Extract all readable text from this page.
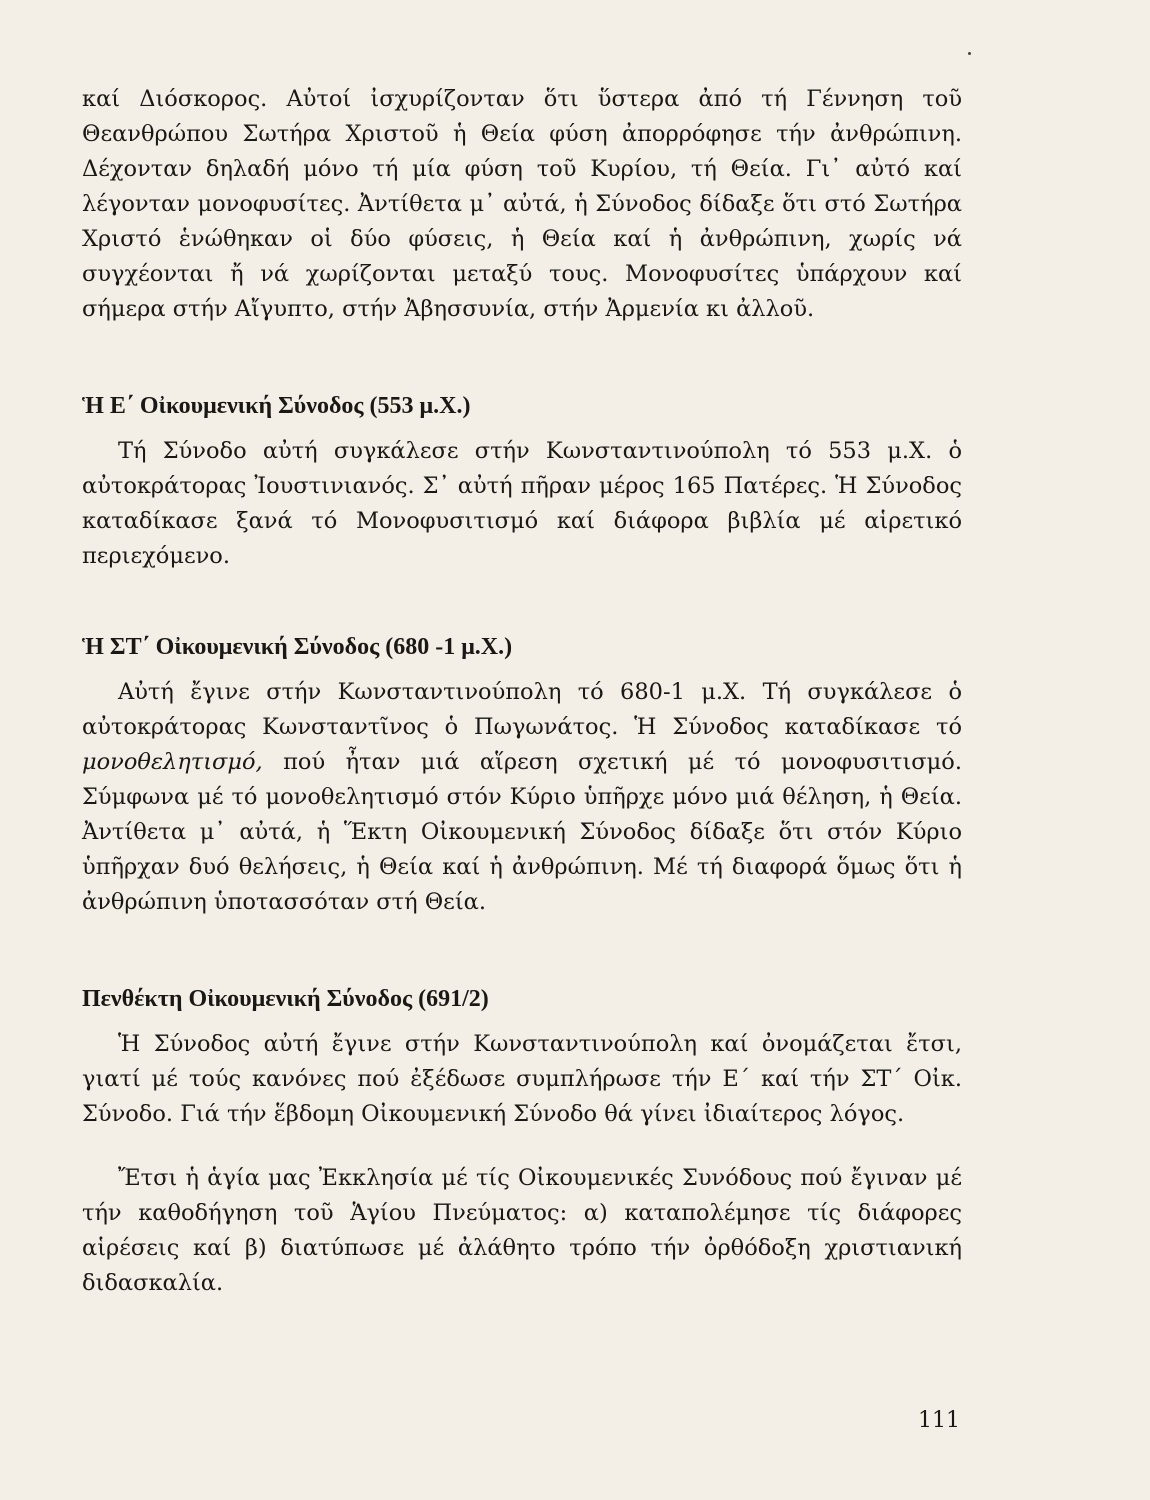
καί Διόσκορος. Αὐτοί ἰσχυρίζονταν ὅτι ὕστερα ἀπό τή Γέννηση τοῦ Θεανθρώπου Σωτήρα Χριστοῦ ἡ Θεία φύση ἀπορρόφησε τήν ἀνθρώπινη. Δέχονταν δηλαδή μόνο τή μία φύση τοῦ Κυρίου, τή Θεία. Γι᾽ αὐτό καί λέγονταν μονοφυσίτες. Ἀντίθετα μ᾽ αὐτά, ἡ Σύνοδος δίδαξε ὅτι στό Σωτήρα Χριστό ἑνώθηκαν οἱ δύο φύσεις, ἡ Θεία καί ἡ ἀνθρώπινη, χωρίς νά συγχέονται ἤ νά χωρίζονται μεταξύ τους. Μονοφυσίτες ὑπάρχουν καί σήμερα στήν Αἴγυπτο, στήν Ἀβησσυνία, στήν Ἀρμενία κι ἀλλοῦ.

Ἡ Ε΄ Οἰκουμενική Σύνοδος (553 μ.Χ.)

Τή Σύνοδο αὐτή συγκάλεσε στήν Κωνσταντινούπολη τό 553 μ.Χ. ὁ αὐτοκράτορας Ἰουστινιανός. Σ᾽ αὐτή πῆραν μέρος 165 Πατέρες. Ἡ Σύνοδος καταδίκασε ξανά τό Μονοφυσιτισμό καί διάφορα βιβλία μέ αἱρετικό περιεχόμενο.

Ἡ ΣΤ΄ Οἰκουμενική Σύνοδος (680 -1 μ.Χ.)

Αὐτή ἔγινε στήν Κωνσταντινούπολη τό 680-1 μ.Χ. Τή συγκάλεσε ὁ αὐτοκράτορας Κωνσταντῖνος ὁ Πωγωνάτος. Ἡ Σύνοδος καταδίκασε τό μονοθελητισμό, πού ἦταν μιά αἵρεση σχετική μέ τό μονοφυσιτισμό. Σύμφωνα μέ τό μονοθελητισμό στόν Κύριο ὑπῆρχε μόνο μιά θέληση, ἡ Θεία. Ἀντίθετα μ᾽ αὐτά, ἡ Ἕκτη Οἰκουμενική Σύνοδος δίδαξε ὅτι στόν Κύριο ὑπῆρχαν δυό θελήσεις, ἡ Θεία καί ἡ ἀνθρώπινη. Μέ τή διαφορά ὅμως ὅτι ἡ ἀνθρώπινη ὑποτασσόταν στή Θεία.

Πενθέκτη Οἰκουμενική Σύνοδος (691/2)

Ἡ Σύνοδος αὐτή ἔγινε στήν Κωνσταντινούπολη καί ὀνομάζεται ἔτσι, γιατί μέ τούς κανόνες πού ἐξέδωσε συμπλήρωσε τήν Ε΄ καί τήν ΣΤ΄ Οἰκ. Σύνοδο. Γιά τήν ἕβδομη Οἰκουμενική Σύνοδο θά γίνει ἰδιαίτερος λόγος.

Ἔτσι ἡ ἁγία μας Ἐκκλησία μέ τίς Οἰκουμενικές Συνόδους πού ἔγιναν μέ τήν καθοδήγηση τοῦ Ἁγίου Πνεύματος: α) καταπολέμησε τίς διάφορες αἱρέσεις καί β) διατύπωσε μέ ἀλάθητο τρόπο τήν ὀρθόδοξη χριστιανική διδασκαλία.

111
